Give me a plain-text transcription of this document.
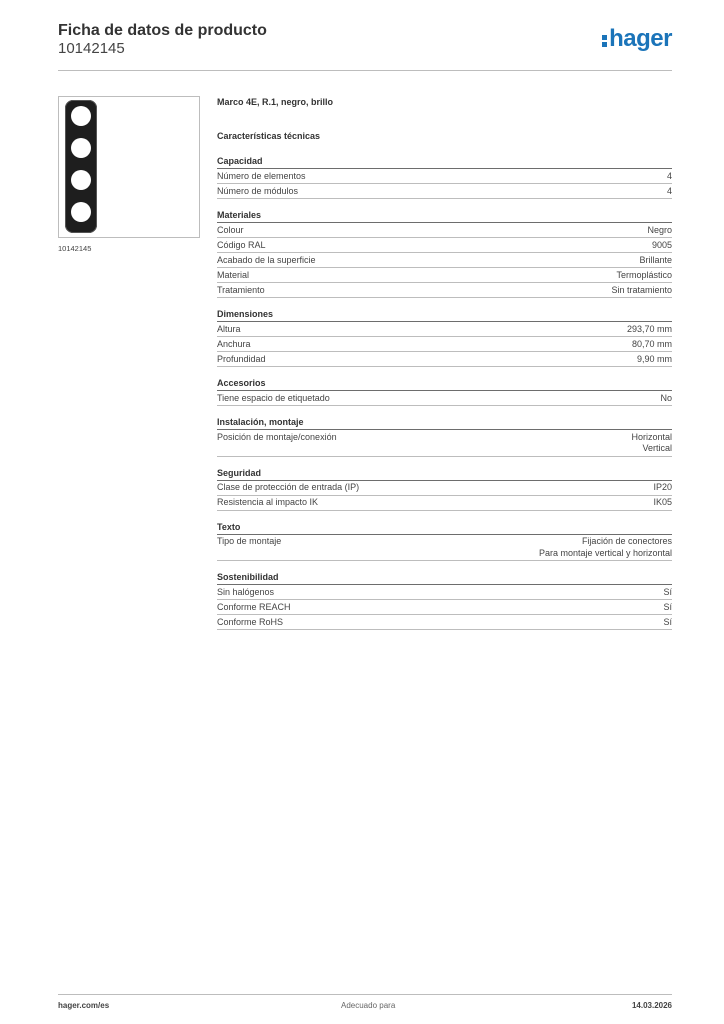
Ficha de datos de producto
10142145	hager
10142145
Marco 4E, R.1, negro, brillo
Características técnicas
Capacidad
Número de elementos	4
Número de módulos	4
Materiales
Colour	Negro
Código RAL	9005
Acabado de la superficie	Brillante
Material	Termoplástico
Tratamiento	Sin tratamiento
Dimensiones
Altura	293,70 mm
Anchura	80,70 mm
Profundidad	9,90 mm
Accesorios
Tiene espacio de etiquetado	No
Instalación, montaje
Posición de montaje/conexión	Horizontal
Vertical
Seguridad
Clase de protección de entrada (IP)	IP20
Resistencia al impacto IK	IK05
Texto
Tipo de montaje	Fijación de conectores
Para montaje vertical y horizontal
Sostenibilidad
Sin halógenos	Sí
Conforme REACH	Sí
Conforme RoHS	Sí
hager.com/es	Adecuado para	14.03.2026
